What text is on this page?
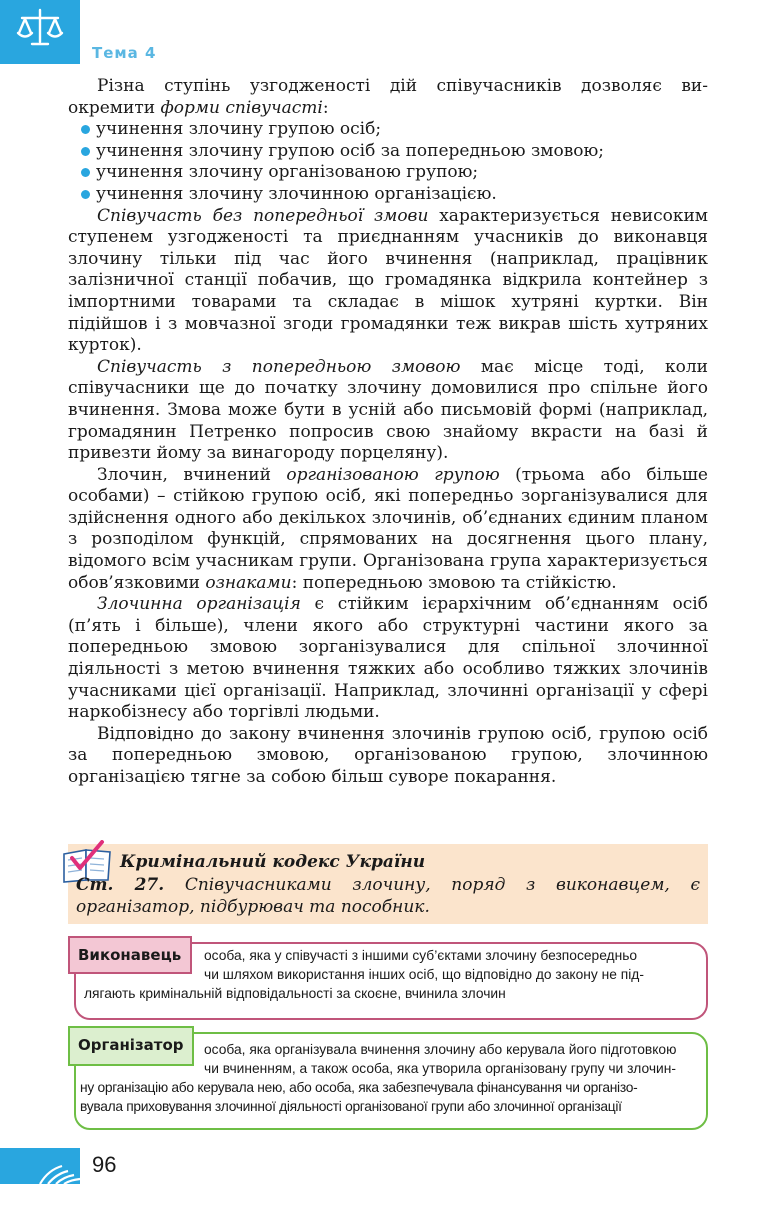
Тема 4

Різна ступінь узгодженості дій співучасників дозволяє ви-окремити форми співучасті:

учинення злочину групою осіб;
учинення злочину групою осіб за попередньою змовою;
учинення злочину організованою групою;
учинення злочину злочинною організацією.

Співучасть без попередньої змови характеризується невисоким ступенем узгодженості та приєднанням учасників до виконавця злочину тільки під час його вчинення (наприклад, працівник залізничної станції побачив, що громадянка відкрила контейнер з імпортними товарами та складає в мішок хутряні куртки. Він підійшов і з мовчазної згоди громадянки теж викрав шість хутряних курток).

Співучасть з попередньою змовою має місце тоді, коли співучасники ще до початку злочину домовилися про спільне його вчинення. Змова може бути в усній або письмовій формі (наприклад, громадянин Петренко попросив свою знайому вкрасти на базі й привезти йому за винагороду порцеляну).

Злочин, вчинений організованою групою (трьома або більше особами) – стійкою групою осіб, які попередньо зорганізувалися для здійснення одного або декількох злочинів, об’єднаних єдиним планом з розподілом функцій, спрямованих на досягнення цього плану, відомого всім учасникам групи. Організована група характеризується обов’язковими ознаками: попередньою змовою та стійкістю.

Злочинна організація є стійким ієрархічним об’єднанням осіб (п’ять і більше), члени якого або структурні частини якого за попередньою змовою зорганізувалися для спільної злочинної діяльності з метою вчинення тяжких або особливо тяжких злочинів учасниками цієї організації. Наприклад, злочинні організації у сфері наркобізнесу або торгівлі людьми.

Відповідно до закону вчинення злочинів групою осіб, групою осіб за попередньою змовою, організованою групою, злочинною організацією тягне за собою більш суворе покарання.

Кримінальний кодекс України
Ст. 27. Співучасниками злочину, поряд з виконавцем, є організатор, підбурювач та пособник.
Виконавець	особа, яка у співучасті з іншими суб’єктами злочину безпосередньо
чи шляхом використання інших осіб, що відповідно до закону не під-
лягають кримінальній відповідальності за скоєне, вчинила злочин
Організатор	особа, яка організувала вчинення злочину або керувала його підготовкою
чи вчиненням, а також особа, яка утворила організовану групу чи злочин-
ну організацію або керувала нею, або особа, яка забезпечувала фінансування чи організо-
вувала приховування злочинної діяльності організованої групи або злочинної організації
96
